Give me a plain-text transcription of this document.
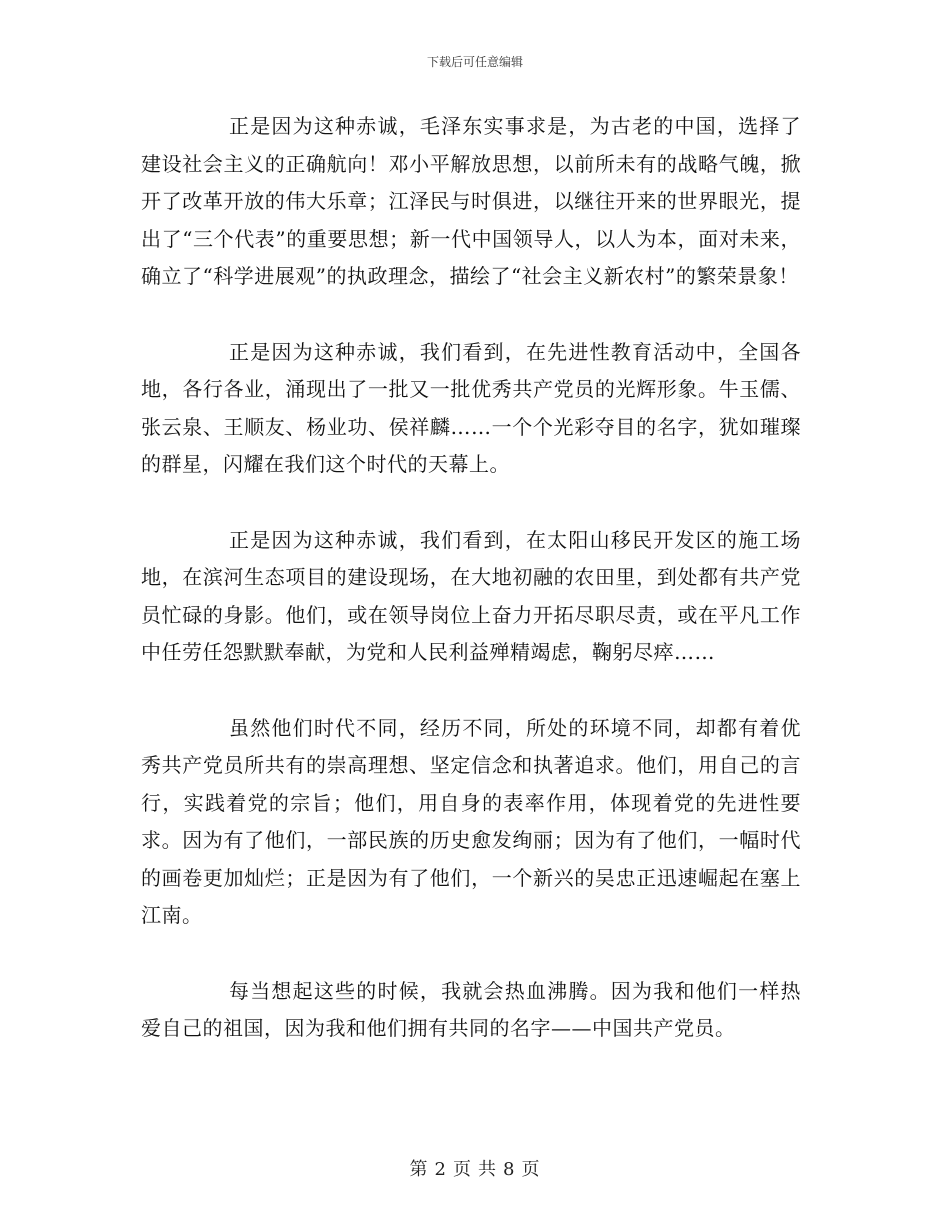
下载后可任意编辑

正是因为这种赤诚，毛泽东实事求是，为古老的中国，选择了建设社会主义的正确航向！邓小平解放思想，以前所未有的战略气魄，掀开了改革开放的伟大乐章；江泽民与时俱进，以继往开来的世界眼光，提出了“三个代表”的重要思想；新一代中国领导人，以人为本，面对未来，确立了“科学进展观”的执政理念，描绘了“社会主义新农村”的繁荣景象！

正是因为这种赤诚，我们看到，在先进性教育活动中，全国各地，各行各业，涌现出了一批又一批优秀共产党员的光辉形象。牛玉儒、张云泉、王顺友、杨业功、侯祥麟……一个个光彩夺目的名字，犹如璀璨的群星，闪耀在我们这个时代的天幕上。

正是因为这种赤诚，我们看到，在太阳山移民开发区的施工场地，在滨河生态项目的建设现场，在大地初融的农田里，到处都有共产党员忙碌的身影。他们，或在领导岗位上奋力开拓尽职尽责，或在平凡工作中任劳任怨默默奉献，为党和人民利益殚精竭虑，鞠躬尽瘁……

虽然他们时代不同，经历不同，所处的环境不同，却都有着优秀共产党员所共有的崇高理想、坚定信念和执著追求。他们，用自己的言行，实践着党的宗旨；他们，用自身的表率作用，体现着党的先进性要求。因为有了他们，一部民族的历史愈发绚丽；因为有了他们，一幅时代的画卷更加灿烂；正是因为有了他们，一个新兴的吴忠正迅速崛起在塞上江南。

每当想起这些的时候，我就会热血沸腾。因为我和他们一样热爱自己的祖国，因为我和他们拥有共同的名字——中国共产党员。

第 2 页 共 8 页
